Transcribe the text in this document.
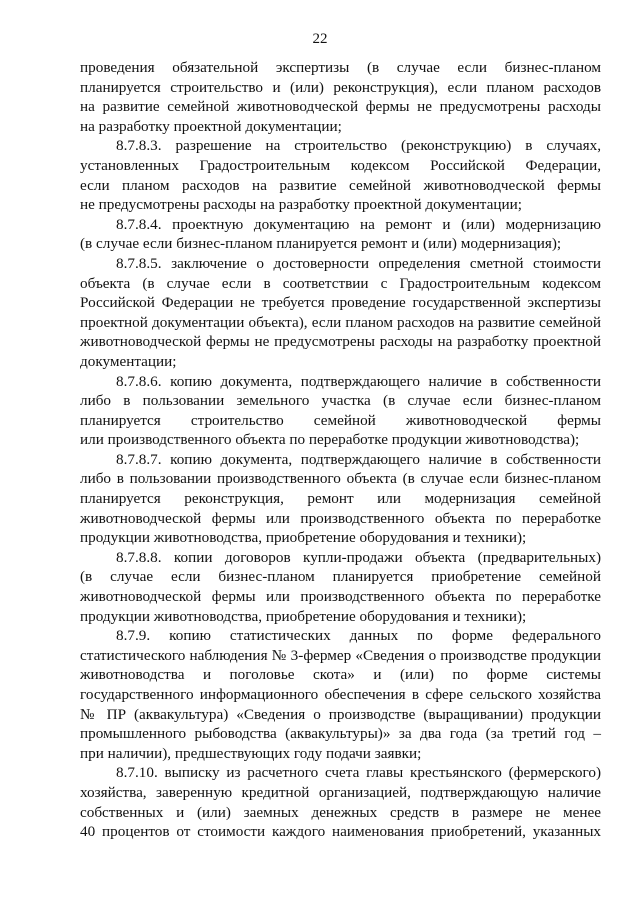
22

проведения обязательной экспертизы (в случае если бизнес-планом
планируется строительство и (или) реконструкция), если планом расходов
на развитие семейной животноводческой фермы не предусмотрены расходы
на разработку проектной документации;

8.7.8.3. разрешение на строительство (реконструкцию) в случаях,
установленных Градостроительным кодексом Российской Федерации,
если планом расходов на развитие семейной животноводческой фермы
не предусмотрены расходы на разработку проектной документации;

8.7.8.4. проектную документацию на ремонт и (или) модернизацию
(в случае если бизнес-планом планируется ремонт и (или) модернизация);

8.7.8.5. заключение о достоверности определения сметной стоимости
объекта (в случае если в соответствии с Градостроительным кодексом
Российской Федерации не требуется проведение государственной экспертизы
проектной документации объекта), если планом расходов на развитие семейной
животноводческой фермы не предусмотрены расходы на разработку проектной
документации;

8.7.8.6. копию документа, подтверждающего наличие в собственности
либо в пользовании земельного участка (в случае если бизнес-планом
планируется строительство семейной животноводческой фермы
или производственного объекта по переработке продукции животноводства);

8.7.8.7. копию документа, подтверждающего наличие в собственности
либо в пользовании производственного объекта (в случае если бизнес-планом
планируется реконструкция, ремонт или модернизация семейной
животноводческой фермы или производственного объекта по переработке
продукции животноводства, приобретение оборудования и техники);

8.7.8.8. копии договоров купли-продажи объекта (предварительных)
(в случае если бизнес-планом планируется приобретение семейной
животноводческой фермы или производственного объекта по переработке
продукции животноводства, приобретение оборудования и техники);

8.7.9. копию статистических данных по форме федерального
статистического наблюдения № 3-фермер «Сведения о производстве продукции
животноводства и поголовье скота» и (или) по форме системы
государственного информационного обеспечения в сфере сельского хозяйства
№ ПР (аквакультура) «Сведения о производстве (выращивании) продукции
промышленного рыбоводства (аквакультуры)» за два года (за третий год –
при наличии), предшествующих году подачи заявки;

8.7.10. выписку из расчетного счета главы крестьянского (фермерского)
хозяйства, заверенную кредитной организацией, подтверждающую наличие
собственных и (или) заемных денежных средств в размере не менее
40 процентов от стоимости каждого наименования приобретений, указанных
